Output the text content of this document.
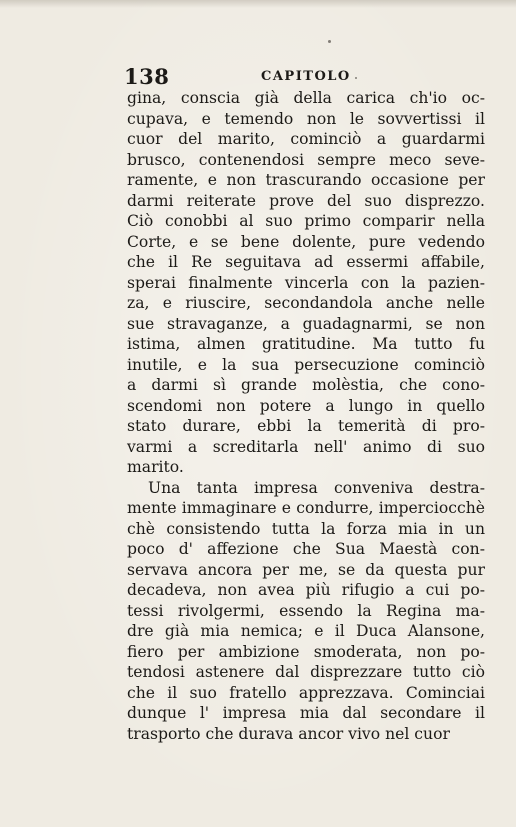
138	CAPITOLO
gina, conscia già della carica ch'io oc-
cupava, e temendo non le sovvertissi il
cuor del marito, cominciò a guardarmi
brusco, contenendosi sempre meco seve-
ramente, e non trascurando occasione per
darmi reiterate prove del suo disprezzo.
Ciò conobbi al suo primo comparir nella
Corte, e se bene dolente, pure vedendo
che il Re seguitava ad essermi affabile,
sperai finalmente vincerla con la pazien-
za, e riuscire, secondandola anche nelle
sue stravaganze, a guadagnarmi, se non
istima, almen gratitudine. Ma tutto fu
inutile, e la sua persecuzione cominciò
a darmi sì grande molèstia, che cono-
scendomi non potere a lungo in quello
stato durare, ebbi la temerità di pro-
varmi a screditarla nell' animo di suo
marito.
Una tanta impresa conveniva destra-
mente immaginare e condurre, imperciocchè
chè consistendo tutta la forza mia in un
poco d' affezione che Sua Maestà con-
servava ancora per me, se da questa pur
decadeva, non avea più rifugio a cui po-
tessi rivolgermi, essendo la Regina ma-
dre già mia nemica; e il Duca Alansone,
fiero per ambizione smoderata, non po-
tendosi astenere dal disprezzare tutto ciò
che il suo fratello apprezzava. Cominciai
dunque l' impresa mia dal secondare il
trasporto che durava ancor vivo nel cuor
